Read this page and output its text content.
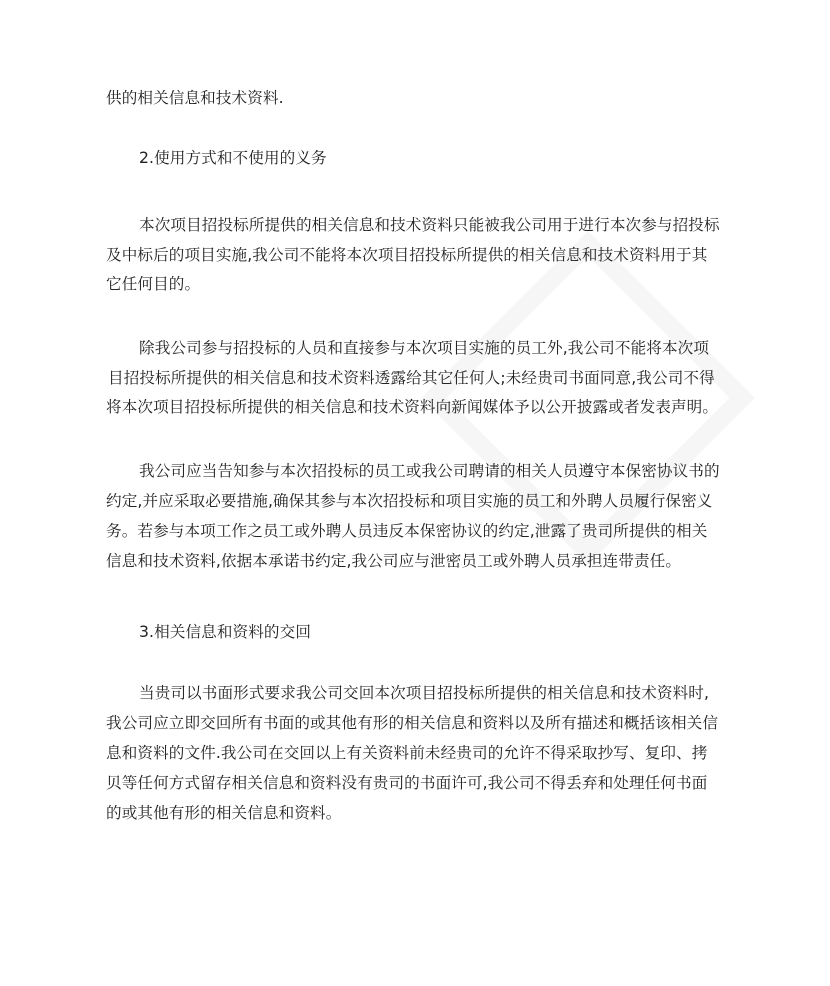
供的相关信息和技术资料.
2.使用方式和不使用的义务
本次项目招投标所提供的相关信息和技术资料只能被我公司用于进行本次参与招投标
及中标后的项目实施,我公司不能将本次项目招投标所提供的相关信息和技术资料用于其
它任何目的。
除我公司参与招投标的人员和直接参与本次项目实施的员工外,我公司不能将本次项
目招投标所提供的相关信息和技术资料透露给其它任何人;未经贵司书面同意,我公司不得
将本次项目招投标所提供的相关信息和技术资料向新闻媒体予以公开披露或者发表声明。
我公司应当告知参与本次招投标的员工或我公司聘请的相关人员遵守本保密协议书的
约定,并应采取必要措施,确保其参与本次招投标和项目实施的员工和外聘人员履行保密义
务。若参与本项工作之员工或外聘人员违反本保密协议的约定,泄露了贵司所提供的相关
信息和技术资料,依据本承诺书约定,我公司应与泄密员工或外聘人员承担连带责任。
3.相关信息和资料的交回
当贵司以书面形式要求我公司交回本次项目招投标所提供的相关信息和技术资料时,
我公司应立即交回所有书面的或其他有形的相关信息和资料以及所有描述和概括该相关信
息和资料的文件.我公司在交回以上有关资料前未经贵司的允许不得采取抄写、复印、拷
贝等任何方式留存相关信息和资料没有贵司的书面许可,我公司不得丢弃和处理任何书面
的或其他有形的相关信息和资料。
